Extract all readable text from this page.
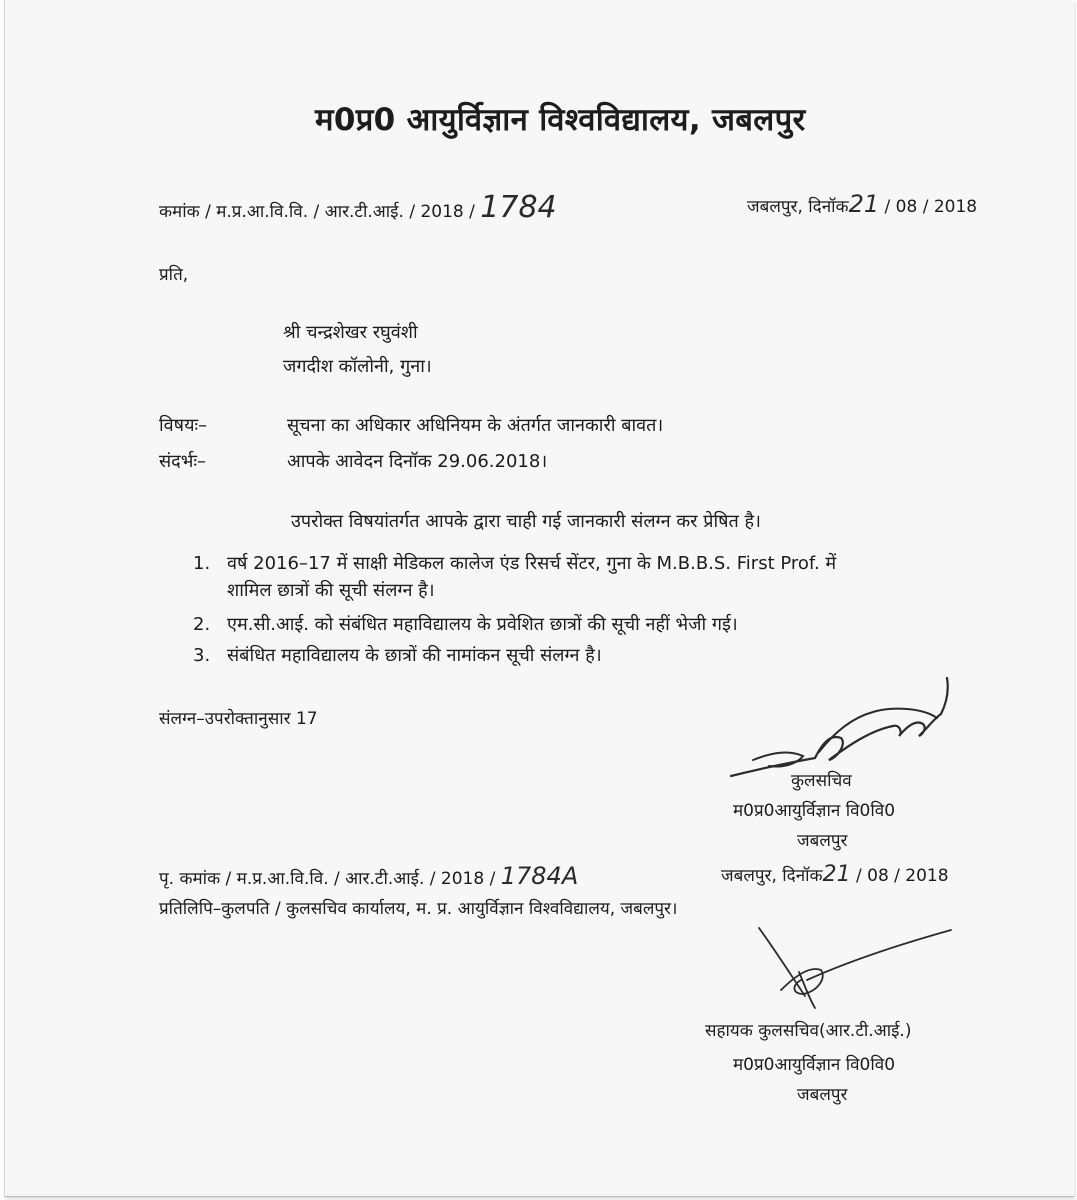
म0प्र0 आयुर्विज्ञान विश्वविद्यालय, जबलपुर
कमांक / म.प्र.आ.वि.वि. / आर.टी.आई. / 2018 / 1784	जबलपुर, दिनॉक21 / 08 / 2018
प्रति,
श्री चन्द्रशेखर रघुवंशी
जगदीश कॉलोनी, गुना।
विषयः–	सूचना का अधिकार अधिनियम के अंतर्गत जानकारी बावत।
संदर्भः–	आपके आवेदन दिनॉक 29.06.2018।
उपरोक्त विषयांतर्गत आपके द्वारा चाही गई जानकारी संलग्न कर प्रेषित है।
1. वर्ष 2016–17 में साक्षी मेडिकल कालेज एंड रिसर्च सेंटर, गुना के M.B.B.S. First Prof. में
शामिल छात्रों की सूची संलग्न है।
2. एम.सी.आई. को संबंधित महाविद्यालय के प्रवेशित छात्रों की सूची नहीं भेजी गई।
3. संबंधित महाविद्यालय के छात्रों की नामांकन सूची संलग्न है।
संलग्न–उपरोक्तानुसार 17
कुलसचिव
म0प्र0आयुर्विज्ञान वि0वि0
जबलपुर
पृ. कमांक / म.प्र.आ.वि.वि. / आर.टी.आई. / 2018 / 1784A	जबलपुर, दिनॉक21 / 08 / 2018
प्रतिलिपि–कुलपति / कुलसचिव कार्यालय, म. प्र. आयुर्विज्ञान विश्वविद्यालय, जबलपुर।
सहायक कुलसचिव(आर.टी.आई.)
म0प्र0आयुर्विज्ञान वि0वि0
जबलपुर
